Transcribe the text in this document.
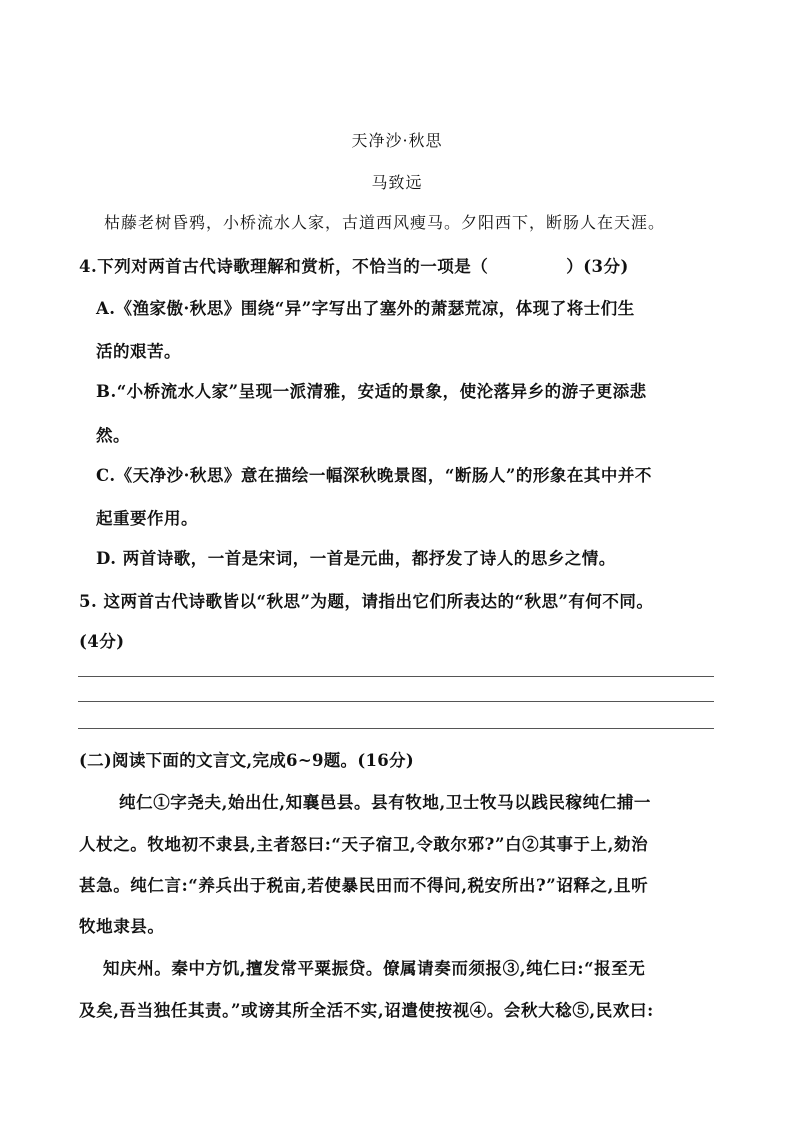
天净沙·秋思
马致远
枯藤老树昏鸦，小桥流水人家，古道西风瘦马。夕阳西下，断肠人在天涯。
4.下列对两首古代诗歌理解和赏析，不恰当的一项是（	）(3分)
A.《渔家傲·秋思》围绕“异”字写出了塞外的萧瑟荒凉，体现了将士们生
活的艰苦。
B.“小桥流水人家”呈现一派清雅，安适的景象，使沦落异乡的游子更添悲
然。
C.《天净沙·秋思》意在描绘一幅深秋晚景图，“断肠人”的形象在其中并不
起重要作用。
D. 两首诗歌，一首是宋词，一首是元曲，都抒发了诗人的思乡之情。
5. 这两首古代诗歌皆以“秋思”为题，请指出它们所表达的“秋思”有何不同。
(4分)
(二)阅读下面的文言文,完成6~9题。(16分)
纯仁①字尧夫,始出仕,知襄邑县。县有牧地,卫士牧马以践民稼纯仁捕一
人杖之。牧地初不隶县,主者怒曰:“天子宿卫,令敢尔邪?”白②其事于上,劾治
甚急。纯仁言:“养兵出于税亩,若使暴民田而不得问,税安所出?”诏释之,且听
牧地隶县。
知庆州。秦中方饥,擅发常平粟振贷。僚属请奏而须报③,纯仁曰:“报至无
及矣,吾当独任其责。”或谤其所全活不实,诏遣使按视④。会秋大稔⑤,民欢曰:
